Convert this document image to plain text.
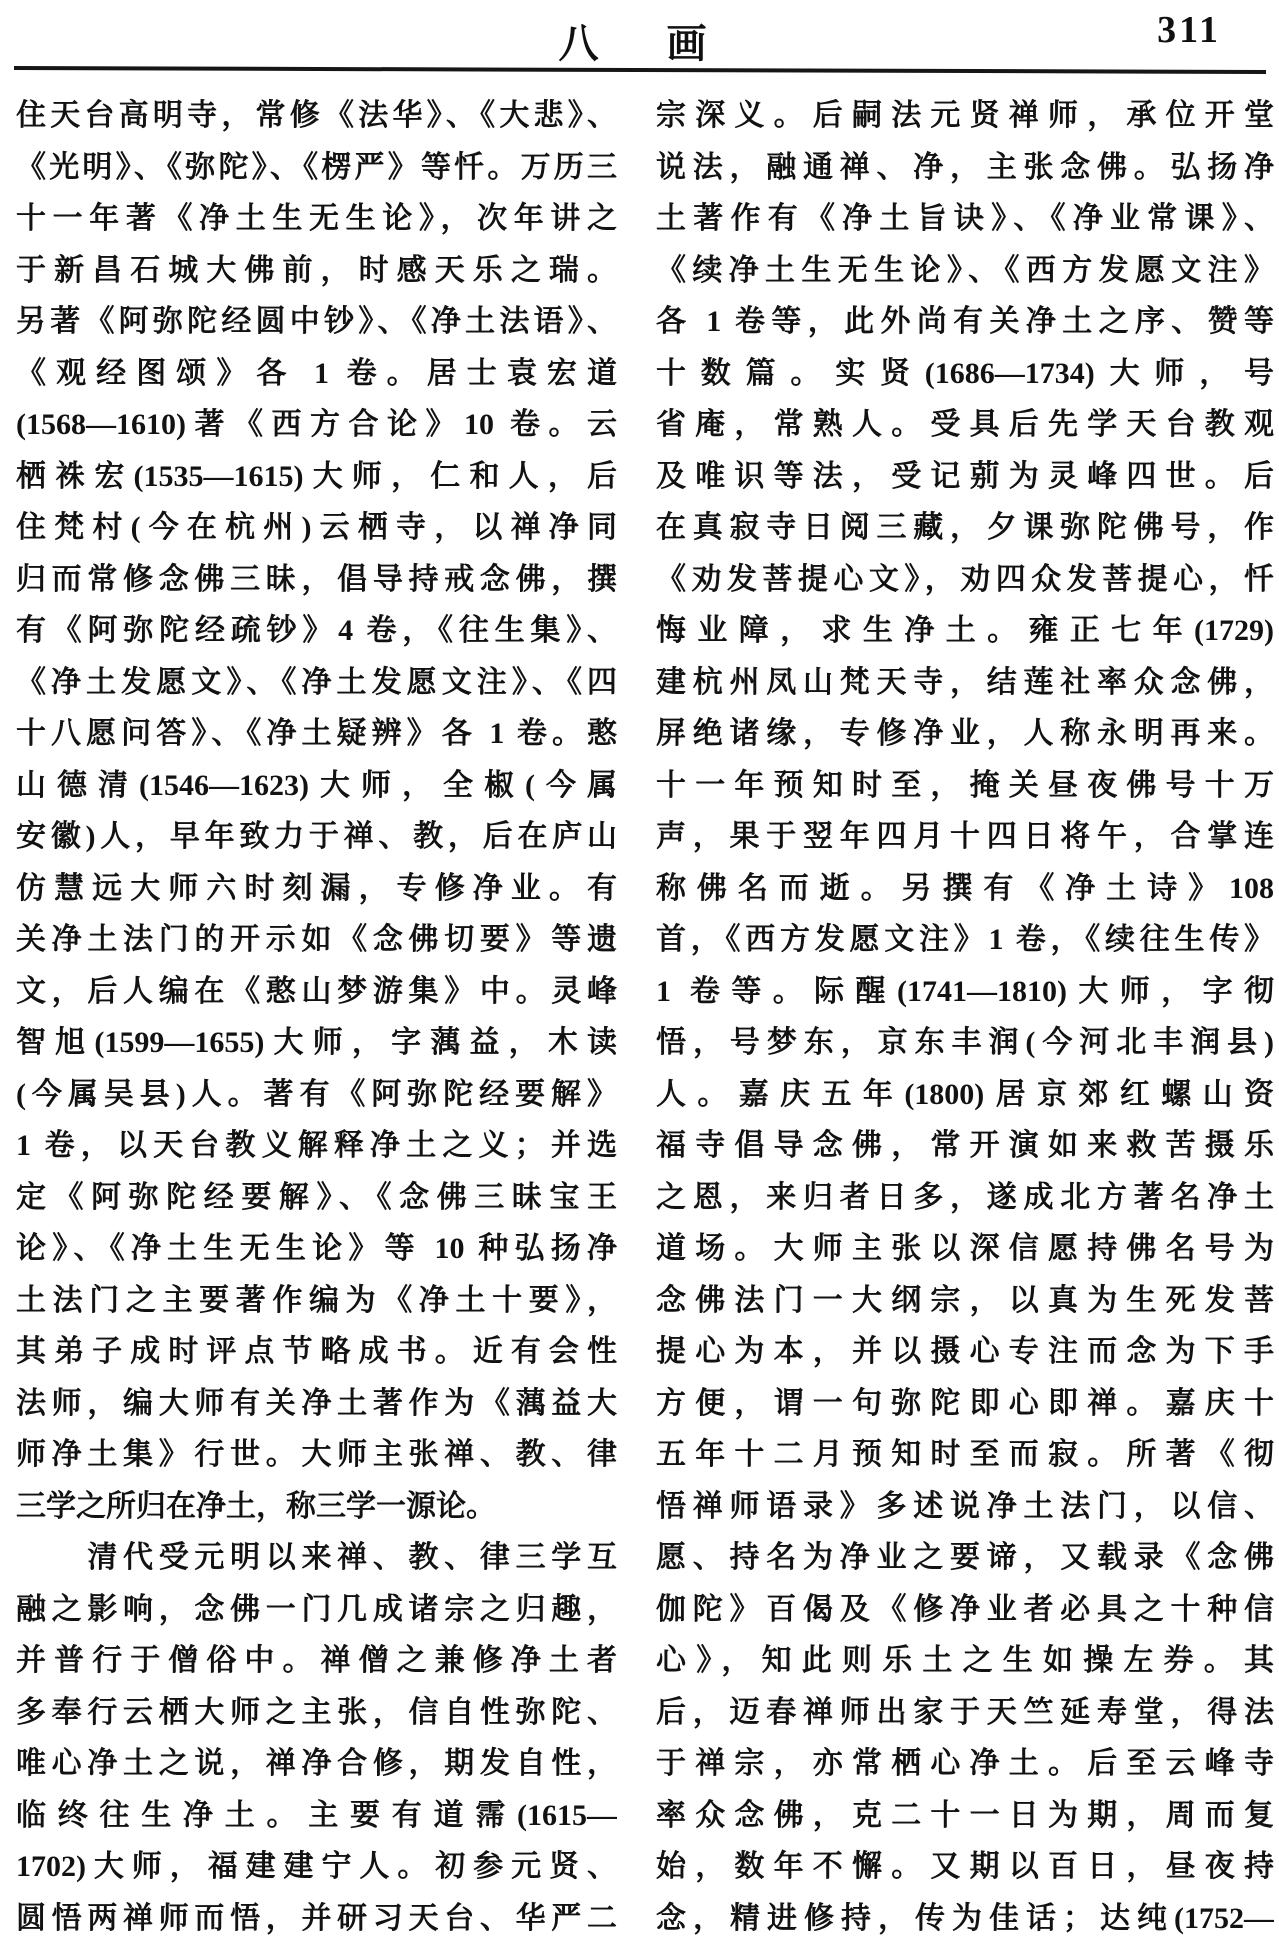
八　画	311
住天台高明寺，常修《法华》、《大悲》、
《光明》、《弥陀》、《楞严》等忏。万历三
十一年著《净土生无生论》，次年讲之
于新昌石城大佛前，时感天乐之瑞。
另著《阿弥陀经圆中钞》、《净土法语》、
《观经图颂》各 1 卷。居士袁宏道
(1568—1610)著《西方合论》10 卷。云
栖袾宏(1535—1615)大师，仁和人，后
住梵村(今在杭州)云栖寺，以禅净同
归而常修念佛三昧，倡导持戒念佛，撰
有《阿弥陀经疏钞》4 卷，《往生集》、
《净土发愿文》、《净土发愿文注》、《四
十八愿问答》、《净土疑辨》各 1 卷。憨
山德清(1546—1623)大师，全椒(今属
安徽)人，早年致力于禅、教，后在庐山
仿慧远大师六时刻漏，专修净业。有
关净土法门的开示如《念佛切要》等遗
文，后人编在《憨山梦游集》中。灵峰
智旭(1599—1655)大师，字蕅益，木读
(今属吴县)人。著有《阿弥陀经要解》
1 卷，以天台教义解释净土之义；并选
定《阿弥陀经要解》、《念佛三昧宝王
论》、《净土生无生论》等 10 种弘扬净
土法门之主要著作编为《净土十要》，
其弟子成时评点节略成书。近有会性
法师，编大师有关净土著作为《蕅益大
师净土集》行世。大师主张禅、教、律
三学之所归在净土，称三学一源论。
　　清代受元明以来禅、教、律三学互
融之影响，念佛一门几成诸宗之归趣，
并普行于僧俗中。禅僧之兼修净土者
多奉行云栖大师之主张，信自性弥陀、
唯心净土之说，禅净合修，期发自性，
临终往生净土。主要有道霈(1615—
1702)大师，福建建宁人。初参元贤、
圆悟两禅师而悟，并研习天台、华严二
宗深义。后嗣法元贤禅师，承位开堂
说法，融通禅、净，主张念佛。弘扬净
土著作有《净土旨诀》、《净业常课》、
《续净土生无生论》、《西方发愿文注》
各 1 卷等，此外尚有关净土之序、赞等
十数篇。实贤(1686—1734)大师，号
省庵，常熟人。受具后先学天台教观
及唯识等法，受记莂为灵峰四世。后
在真寂寺日阅三藏，夕课弥陀佛号，作
《劝发菩提心文》，劝四众发菩提心，忏
悔业障，求生净土。雍正七年(1729)
建杭州凤山梵天寺，结莲社率众念佛，
屏绝诸缘，专修净业，人称永明再来。
十一年预知时至，掩关昼夜佛号十万
声，果于翌年四月十四日将午，合掌连
称佛名而逝。另撰有《净土诗》108
首，《西方发愿文注》1 卷，《续往生传》
1 卷等。际醒(1741—1810)大师，字彻
悟，号梦东，京东丰润(今河北丰润县)
人。嘉庆五年(1800)居京郊红螺山资
福寺倡导念佛，常开演如来救苦摄乐
之恩，来归者日多，遂成北方著名净土
道场。大师主张以深信愿持佛名号为
念佛法门一大纲宗，以真为生死发菩
提心为本，并以摄心专注而念为下手
方便，谓一句弥陀即心即禅。嘉庆十
五年十二月预知时至而寂。所著《彻
悟禅师语录》多述说净土法门，以信、
愿、持名为净业之要谛，又载录《念佛
伽陀》百偈及《修净业者必具之十种信
心》，知此则乐土之生如操左券。其
后，迈春禅师出家于天竺延寿堂，得法
于禅宗，亦常栖心净土。后至云峰寺
率众念佛，克二十一日为期，周而复
始，数年不懈。又期以百日，昼夜持
念，精进修持，传为佳话；达纯(1752—
